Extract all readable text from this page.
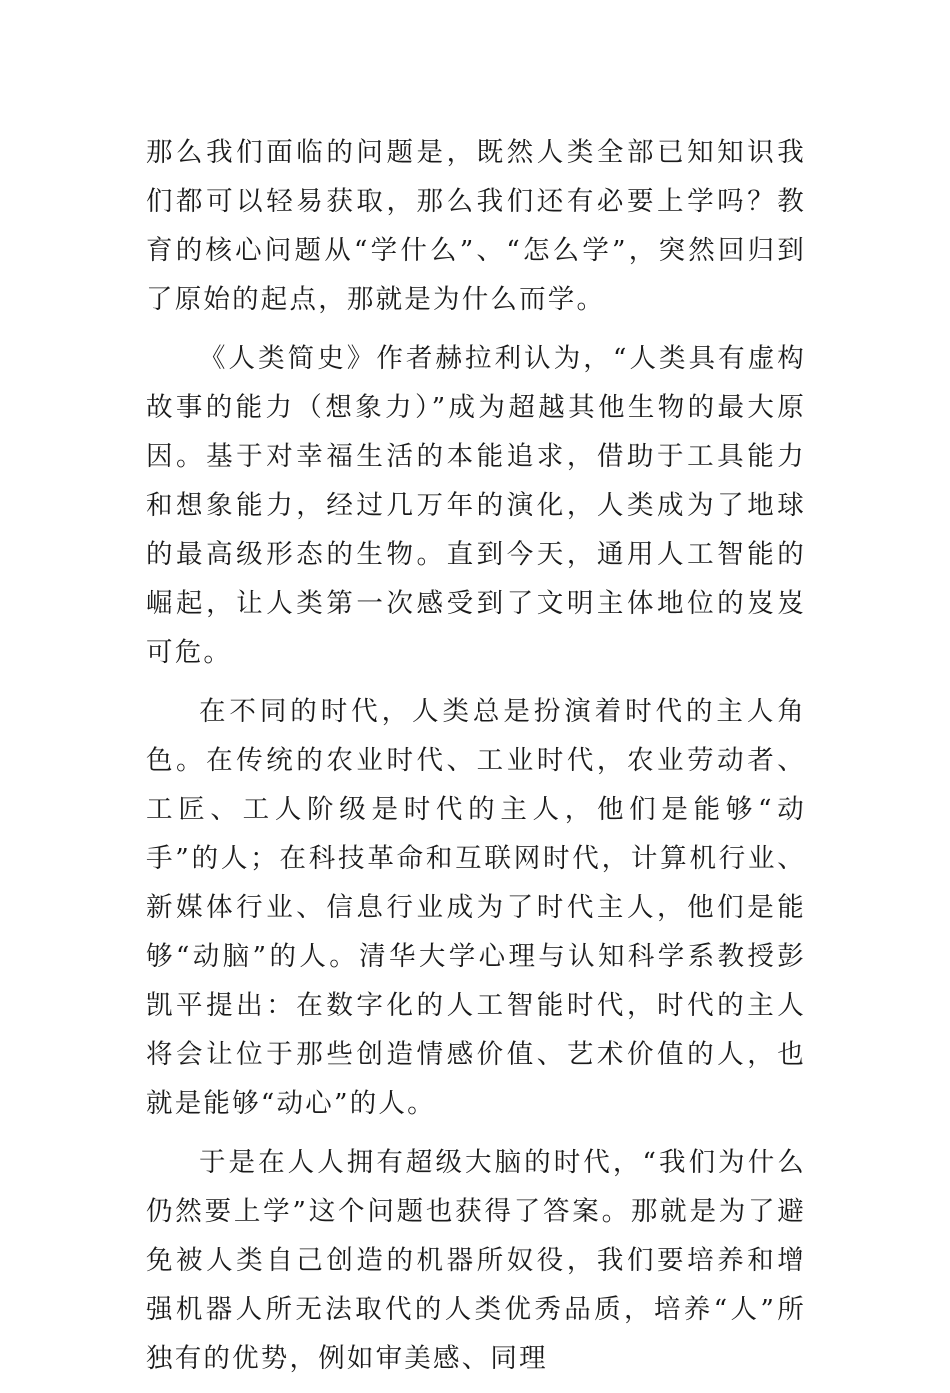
那么我们面临的问题是，既然人类全部已知知识我们都可以轻易获取，那么我们还有必要上学吗？教育的核心问题从“学什么”、“怎么学”，突然回归到了原始的起点，那就是为什么而学。

《人类简史》作者赫拉利认为，“人类具有虚构故事的能力（想象力）”成为超越其他生物的最大原因。基于对幸福生活的本能追求，借助于工具能力和想象能力，经过几万年的演化，人类成为了地球的最高级形态的生物。直到今天，通用人工智能的崛起，让人类第一次感受到了文明主体地位的岌岌可危。

在不同的时代，人类总是扮演着时代的主人角色。在传统的农业时代、工业时代，农业劳动者、工匠、工人阶级是时代的主人，他们是能够“动手”的人；在科技革命和互联网时代，计算机行业、新媒体行业、信息行业成为了时代主人，他们是能够“动脑”的人。清华大学心理与认知科学系教授彭凯平提出：在数字化的人工智能时代，时代的主人将会让位于那些创造情感价值、艺术价值的人，也就是能够“动心”的人。

于是在人人拥有超级大脑的时代，“我们为什么仍然要上学”这个问题也获得了答案。那就是为了避免被人类自己创造的机器所奴役，我们要培养和增强机器人所无法取代的人类优秀品质，培养“人”所独有的优势，例如审美感、同理
